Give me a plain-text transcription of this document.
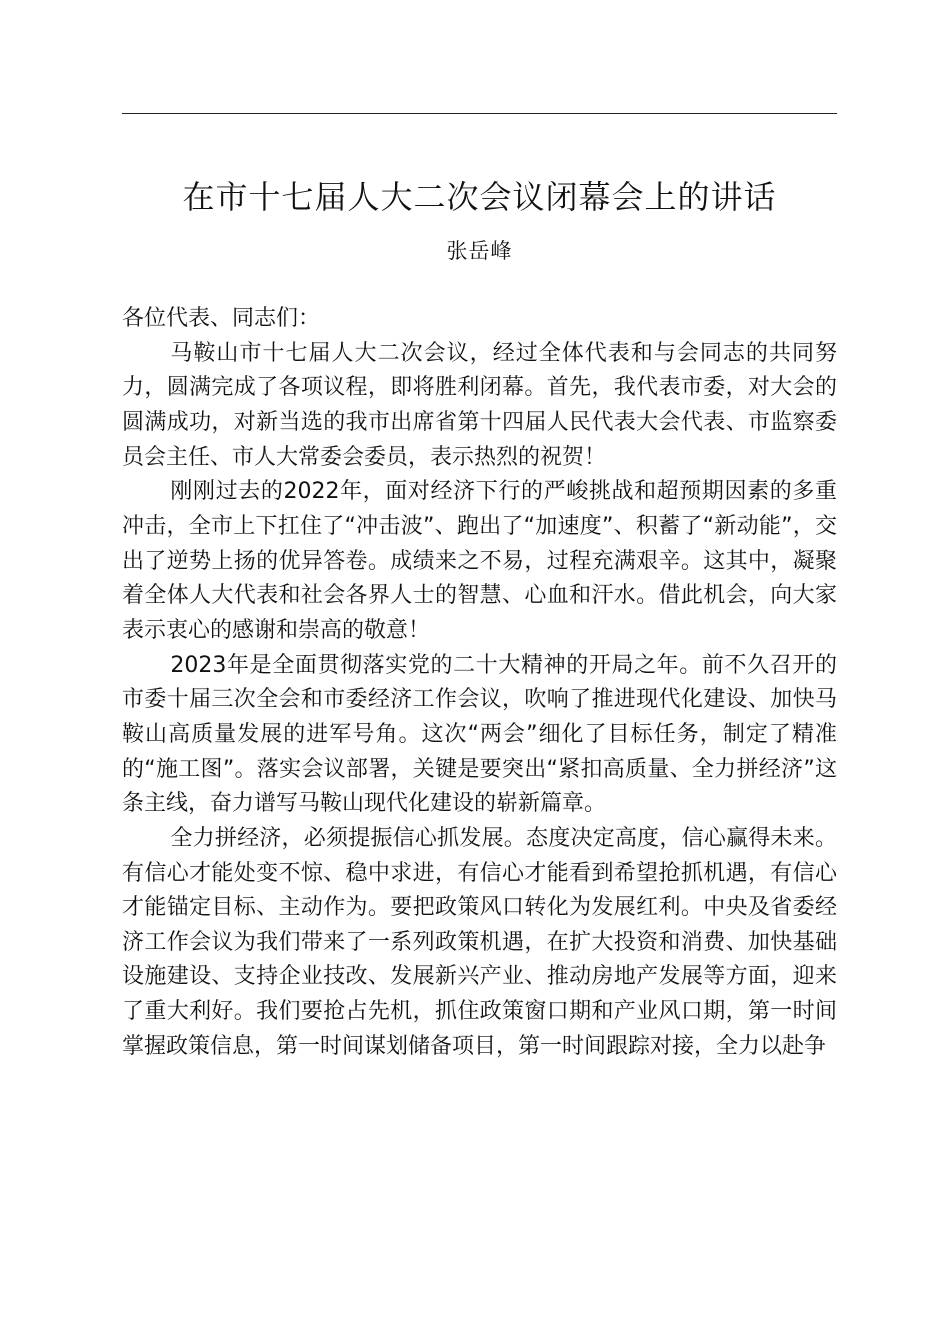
在市十七届人大二次会议闭幕会上的讲话
张岳峰

各位代表、同志们：

马鞍山市十七届人大二次会议，经过全体代表和与会同志的共同努力，圆满完成了各项议程，即将胜利闭幕。首先，我代表市委，对大会的圆满成功，对新当选的我市出席省第十四届人民代表大会代表、市监察委员会主任、市人大常委会委员，表示热烈的祝贺！

刚刚过去的2022年，面对经济下行的严峻挑战和超预期因素的多重冲击，全市上下扛住了“冲击波”、跑出了“加速度”、积蓄了“新动能”，交出了逆势上扬的优异答卷。成绩来之不易，过程充满艰辛。这其中，凝聚着全体人大代表和社会各界人士的智慧、心血和汗水。借此机会，向大家表示衷心的感谢和崇高的敬意！

2023年是全面贯彻落实党的二十大精神的开局之年。前不久召开的市委十届三次全会和市委经济工作会议，吹响了推进现代化建设、加快马鞍山高质量发展的进军号角。这次“两会”细化了目标任务，制定了精准的“施工图”。落实会议部署，关键是要突出“紧扣高质量、全力拼经济”这条主线，奋力谱写马鞍山现代化建设的崭新篇章。

全力拼经济，必须提振信心抓发展。态度决定高度，信心赢得未来。有信心才能处变不惊、稳中求进，有信心才能看到希望抢抓机遇，有信心才能锚定目标、主动作为。要把政策风口转化为发展红利。中央及省委经济工作会议为我们带来了一系列政策机遇，在扩大投资和消费、加快基础设施建设、支持企业技改、发展新兴产业、推动房地产发展等方面，迎来了重大利好。我们要抢占先机，抓住政策窗口期和产业风口期，第一时间掌握政策信息，第一时间谋划储备项目，第一时间跟踪对接，全力以赴争
